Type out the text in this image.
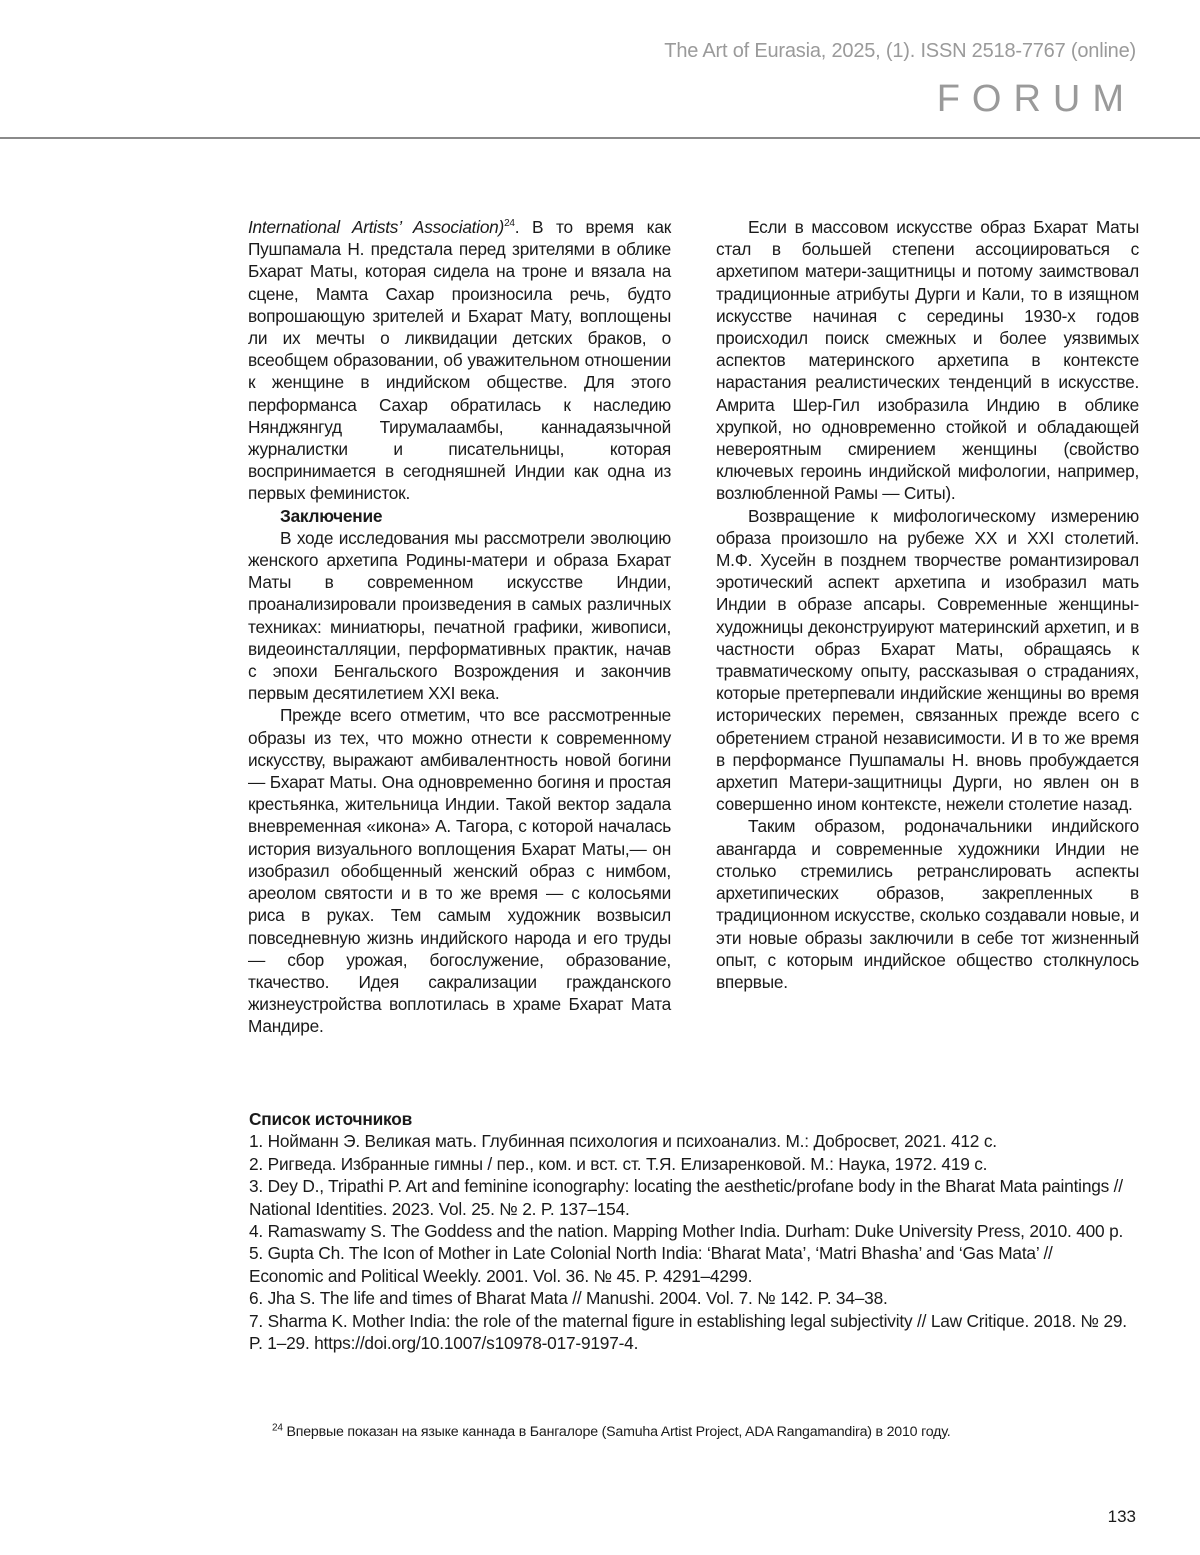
The Art of Eurasia, 2025, (1). ISSN 2518-7767 (online)
FORUM

International Artists’ Association)$^{24}$. В то время как Пушпамала Н. предстала перед зрителями в облике Бхарат Маты, которая сидела на троне и вязала на сцене, Мамта Сахар произносила речь, будто вопрошающую зрителей и Бхарат Мату, воплощены ли их мечты о ликвидации детских браков, о всеобщем образовании, об уважительном отношении к женщине в индийском обществе. Для этого перформанса Сахар обратилась к наследию Нянджянгуд Тирумалаамбы, каннадаязычной журналистки и писательницы, которая воспринимается в сегодняшней Индии как одна из первых феминисток.

Заключение

В ходе исследования мы рассмотрели эволюцию женского архетипа Родины-матери и образа Бхарат Маты в современном искусстве Индии, проанализировали произведения в самых различных техниках: миниатюры, печатной графики, живописи, видеоинсталляции, перформативных практик, начав с эпохи Бенгальского Возрождения и закончив первым десятилетием XXI века.

Прежде всего отметим, что все рассмотренные образы из тех, что можно отнести к современному искусству, выражают амбивалентность новой богини — Бхарат Маты. Она одновременно богиня и простая крестьянка, жительница Индии. Такой вектор задала вневременная «икона» А. Тагора, с которой началась история визуального воплощения Бхарат Маты,— он изобразил обобщенный женский образ с нимбом, ареолом святости и в то же время — с колосьями риса в руках. Тем самым художник возвысил повседневную жизнь индийского народа и его труды — сбор урожая, богослужение, образование, ткачество. Идея сакрализации гражданского жизнеустройства воплотилась в храме Бхарат Мата Мандире.

Если в массовом искусстве образ Бхарат Маты стал в большей степени ассоциироваться с архетипом матери-защитницы и потому заимствовал традиционные атрибуты Дурги и Кали, то в изящном искусстве начиная с середины 1930-х годов происходил поиск смежных и более уязвимых аспектов материнского архетипа в контексте нарастания реалистических тенденций в искусстве. Амрита Шер-Гил изобразила Индию в облике хрупкой, но одновременно стойкой и обладающей невероятным смирением женщины (свойство ключевых героинь индийской мифологии, например, возлюбленной Рамы — Ситы).

Возвращение к мифологическому измерению образа произошло на рубеже XX и XXI столетий. М.Ф. Хусейн в позднем творчестве романтизировал эротический аспект архетипа и изобразил мать Индии в образе апсары. Современные женщины-художницы деконструируют материнский архетип, и в частности образ Бхарат Маты, обращаясь к травматическому опыту, рассказывая о страданиях, которые претерпевали индийские женщины во время исторических перемен, связанных прежде всего с обретением страной независимости. И в то же время в перформансе Пушпамалы Н. вновь пробуждается архетип Матери-защитницы Дурги, но явлен он в совершенно ином контексте, нежели столетие назад.

Таким образом, родоначальники индийского авангарда и современные художники Индии не столько стремились ретранслировать аспекты архетипических образов, закрепленных в традиционном искусстве, сколько создавали новые, и эти новые образы заключили в себе тот жизненный опыт, с которым индийское общество столкнулось впервые.

Список источников
1. Нойманн Э. Великая мать. Глубинная психология и психоанализ. М.: Добросвет, 2021. 412 с.
2. Ригведа. Избранные гимны / пер., ком. и вст. ст. Т.Я. Елизаренковой. М.: Наука, 1972. 419 с.
3. Dey D., Tripathi P. Art and feminine iconography: locating the aesthetic/profane body in the Bharat Mata paintings // National Identities. 2023. Vol. 25. № 2. P. 137–154.
4. Ramaswamy S. The Goddess and the nation. Mapping Mother India. Durham: Duke University Press, 2010. 400 p.
5. Gupta Ch. The Icon of Mother in Late Colonial North India: ‘Bharat Mata’, ‘Matri Bhasha’ and ‘Gas Mata’ // Economic and Political Weekly. 2001. Vol. 36. № 45. P. 4291–4299.
6. Jha S. The life and times of Bharat Mata // Manushi. 2004. Vol. 7. № 142. P. 34–38.
7. Sharma K. Mother India: the role of the maternal figure in establishing legal subjectivity // Law Critique. 2018. № 29. P. 1–29. https://doi.org/10.1007/s10978-017-9197-4.
$^{24}$ Впервые показан на языке каннада в Бангалоре (Samuha Artist Project, ADA Rangamandira) в 2010 году.
133
